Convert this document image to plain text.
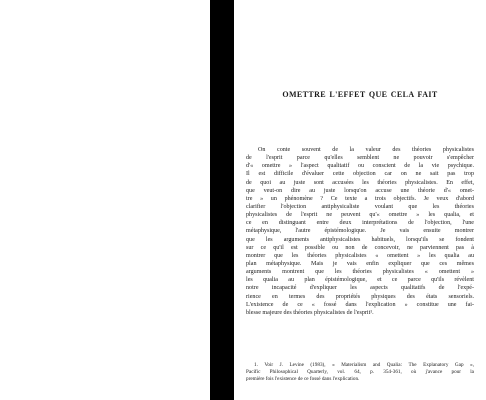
OMETTRE L'EFFET QUE CELA FAIT
On conte souvent de la valeur des théories physicalistes
de l'esprit parce qu'elles semblent ne pouvoir s'empêcher
d'« omettre » l'aspect qualitatif ou conscient de la vie psychique.
Il est difficile d'évaluer cette objection car on ne sait pas trop
de quoi au juste sont accusées les théories physicalistes. En effet,
que veut-on dire au juste lorsqu'on accuse une théorie d'« omet-
tre » un phénomène ? Ce texte a trois objectifs. Je veux d'abord
clarifier l'objection antiphysicaliste voulant que les théories
physicalistes de l'esprit ne peuvent qu'« omettre » les qualia, et
ce en distinguant entre deux interprétations de l'objection, l'une
métaphysique, l'autre épistémologique. Je vais ensuite montrer
que les arguments antiphysicalistes habituels, lorsqu'ils se fondent
sur ce qu'il est possible ou non de concevoir, ne parviennent pas à
montrer que les théories physicalistes « omettent » les qualia au
plan métaphysique. Mais je vais enfin expliquer que ces mêmes
arguments montrent que les théories physicalistes « omettent »
les qualia au plan épistémologique, et ce parce qu'ils révèlent
notre incapacité d'expliquer les aspects qualitatifs de l'expé-
rience en termes des propriétés physiques des états sensoriels.
L'existence de ce « fossé dans l'explication » constitue une fai-
blesse majeure des théories physicalistes de l'esprit¹.
1. Voir J. Levine (1983), « Materialism and Qualia: The Explanatory Gap »,
Pacific Philosophical Quarterly, vol. 64, p. 354-361, où j'avance pour la
première fois l'existence de ce fossé dans l'explication.
